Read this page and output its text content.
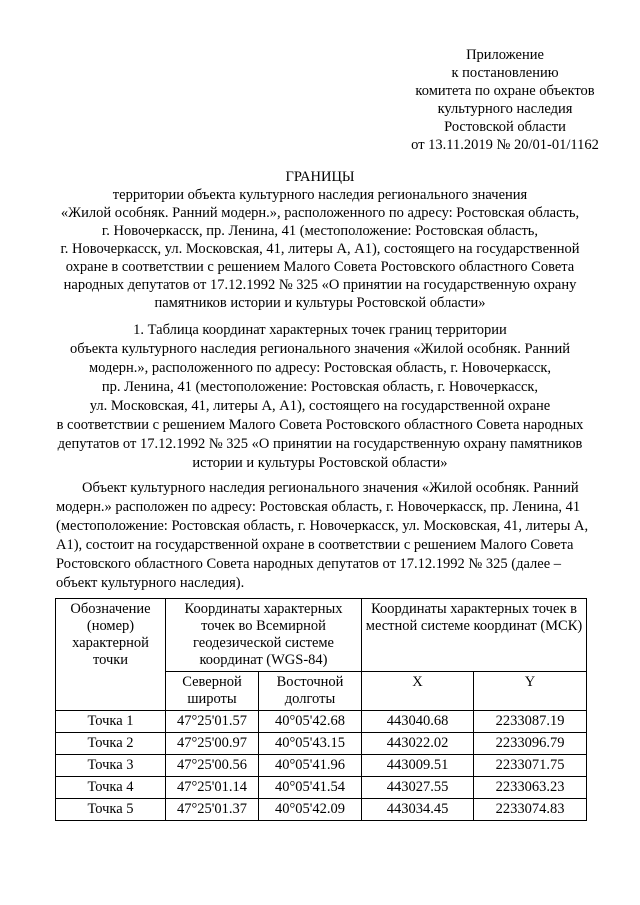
Приложение
к постановлению
комитета по охране объектов
культурного наследия
Ростовской области
от 13.11.2019 № 20/01-01/1162
ГРАНИЦЫ
территории объекта культурного наследия регионального значения
«Жилой особняк. Ранний модерн.», расположенного по адресу: Ростовская область,
г. Новочеркасск, пр. Ленина, 41 (местоположение: Ростовская область,
г. Новочеркасск, ул. Московская, 41, литеры А, А1), состоящего на государственной
охране в соответствии с решением Малого Совета Ростовского областного Совета
народных депутатов от 17.12.1992 № 325 «О принятии на государственную охрану
памятников истории и культуры Ростовской области»
1. Таблица координат характерных точек границ территории
объекта культурного наследия регионального значения «Жилой особняк. Ранний
модерн.», расположенного по адресу: Ростовская область, г. Новочеркасск,
пр. Ленина, 41 (местоположение: Ростовская область, г. Новочеркасск,
ул. Московская, 41, литеры А, А1), состоящего на государственной охране
в соответствии с решением Малого Совета Ростовского областного Совета народных
депутатов от 17.12.1992 № 325 «О принятии на государственную охрану памятников
истории и культуры Ростовской области»
Объект культурного наследия регионального значения «Жилой особняк. Ранний
модерн.» расположен по адресу: Ростовская область, г. Новочеркасск, пр. Ленина, 41
(местоположение: Ростовская область, г. Новочеркасск, ул. Московская, 41, литеры А,
А1), состоит на государственной охране в соответствии с решением Малого Совета
Ростовского областного Совета народных депутатов от 17.12.1992 № 325 (далее –
объект культурного наследия).
Обозначение (номер) характерной точки	Координаты характерных точек во Всемирной геодезической системе координат (WGS-84)		Координаты характерных точек в местной системе координат (МСК)	
	Северной широты	Восточной долготы	X	Y
Точка 1	47°25'01.57	40°05'42.68	443040.68	2233087.19
Точка 2	47°25'00.97	40°05'43.15	443022.02	2233096.79
Точка 3	47°25'00.56	40°05'41.96	443009.51	2233071.75
Точка 4	47°25'01.14	40°05'41.54	443027.55	2233063.23
Точка 5	47°25'01.37	40°05'42.09	443034.45	2233074.83
